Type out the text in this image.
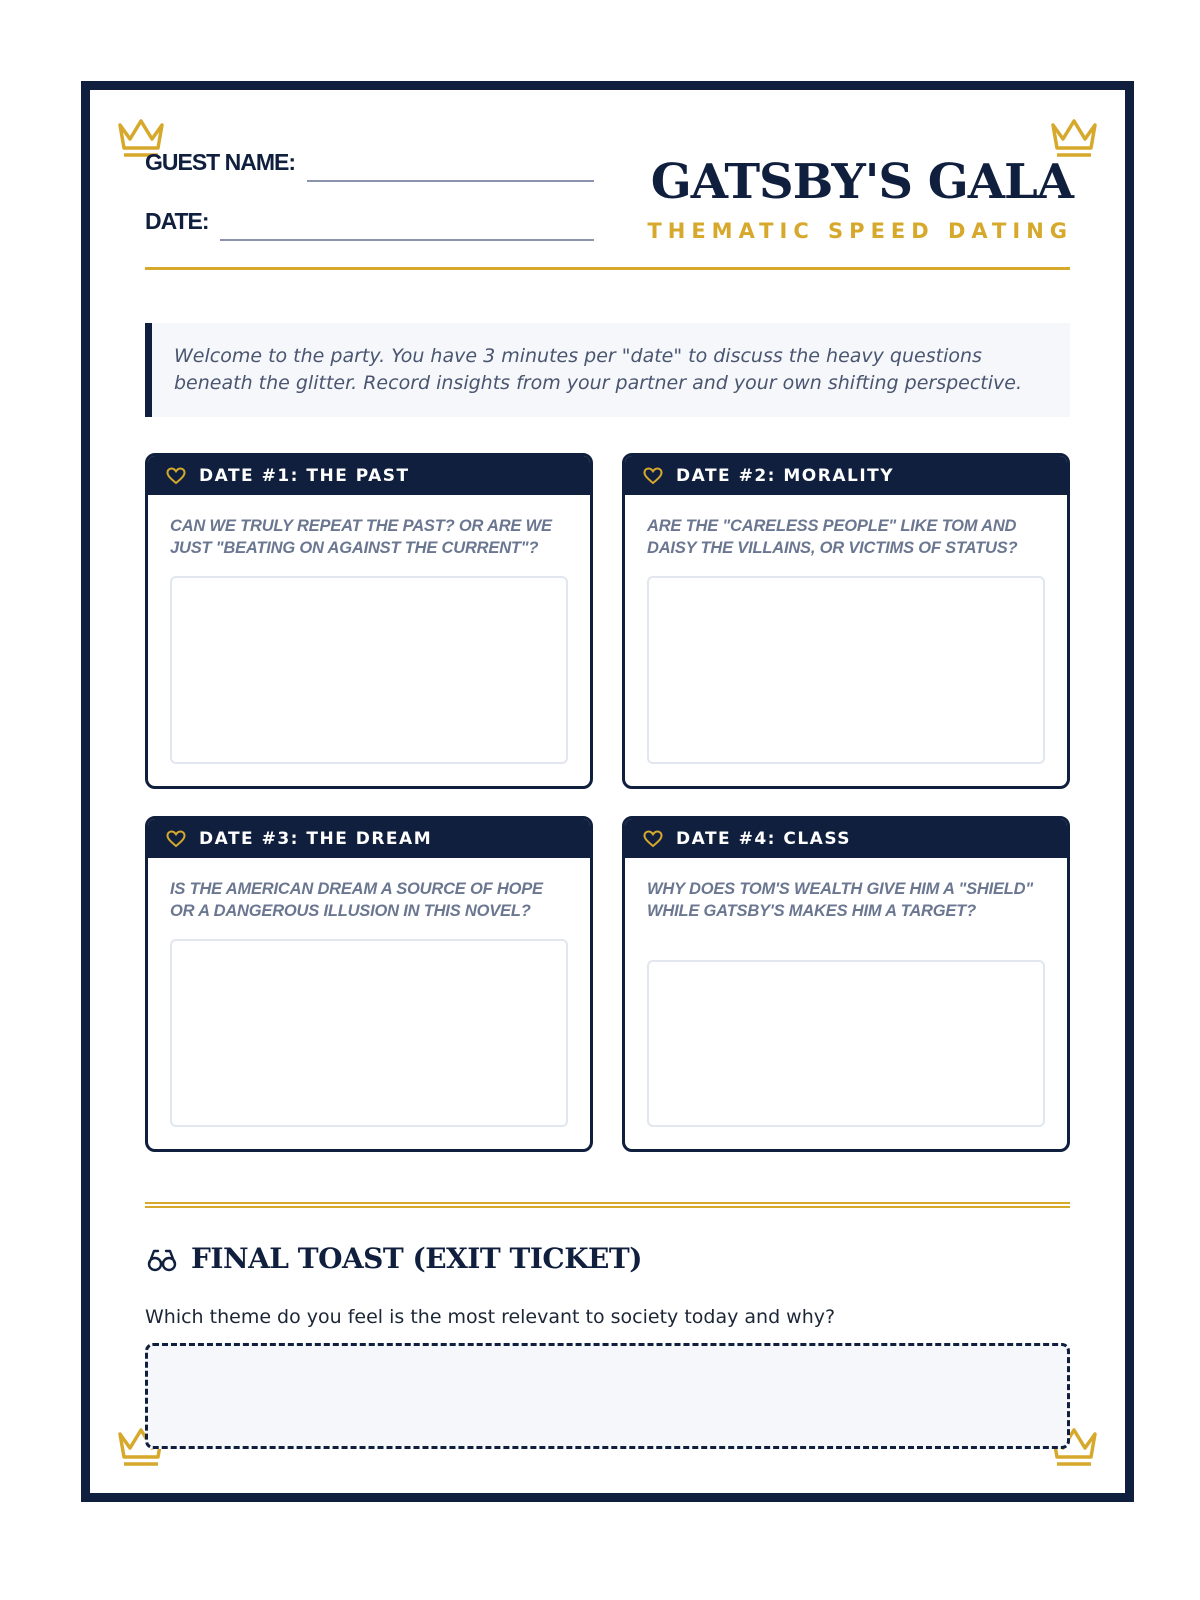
GUEST NAME:
DATE:
GATSBY'S GALA
THEMATIC SPEED DATING

Welcome to the party. You have 3 minutes per "date" to discuss the heavy questions beneath the glitter. Record insights from your partner and your own shifting perspective.

DATE #1: THE PAST
CAN WE TRULY REPEAT THE PAST? OR ARE WE JUST "BEATING ON AGAINST THE CURRENT"?
DATE #2: MORALITY
ARE THE "CARELESS PEOPLE" LIKE TOM AND DAISY THE VILLAINS, OR VICTIMS OF STATUS?
DATE #3: THE DREAM
IS THE AMERICAN DREAM A SOURCE OF HOPE OR A DANGEROUS ILLUSION IN THIS NOVEL?
DATE #4: CLASS
WHY DOES TOM'S WEALTH GIVE HIM A "SHIELD" WHILE GATSBY'S MAKES HIM A TARGET?
FINAL TOAST (EXIT TICKET)
Which theme do you feel is the most relevant to society today and why?
